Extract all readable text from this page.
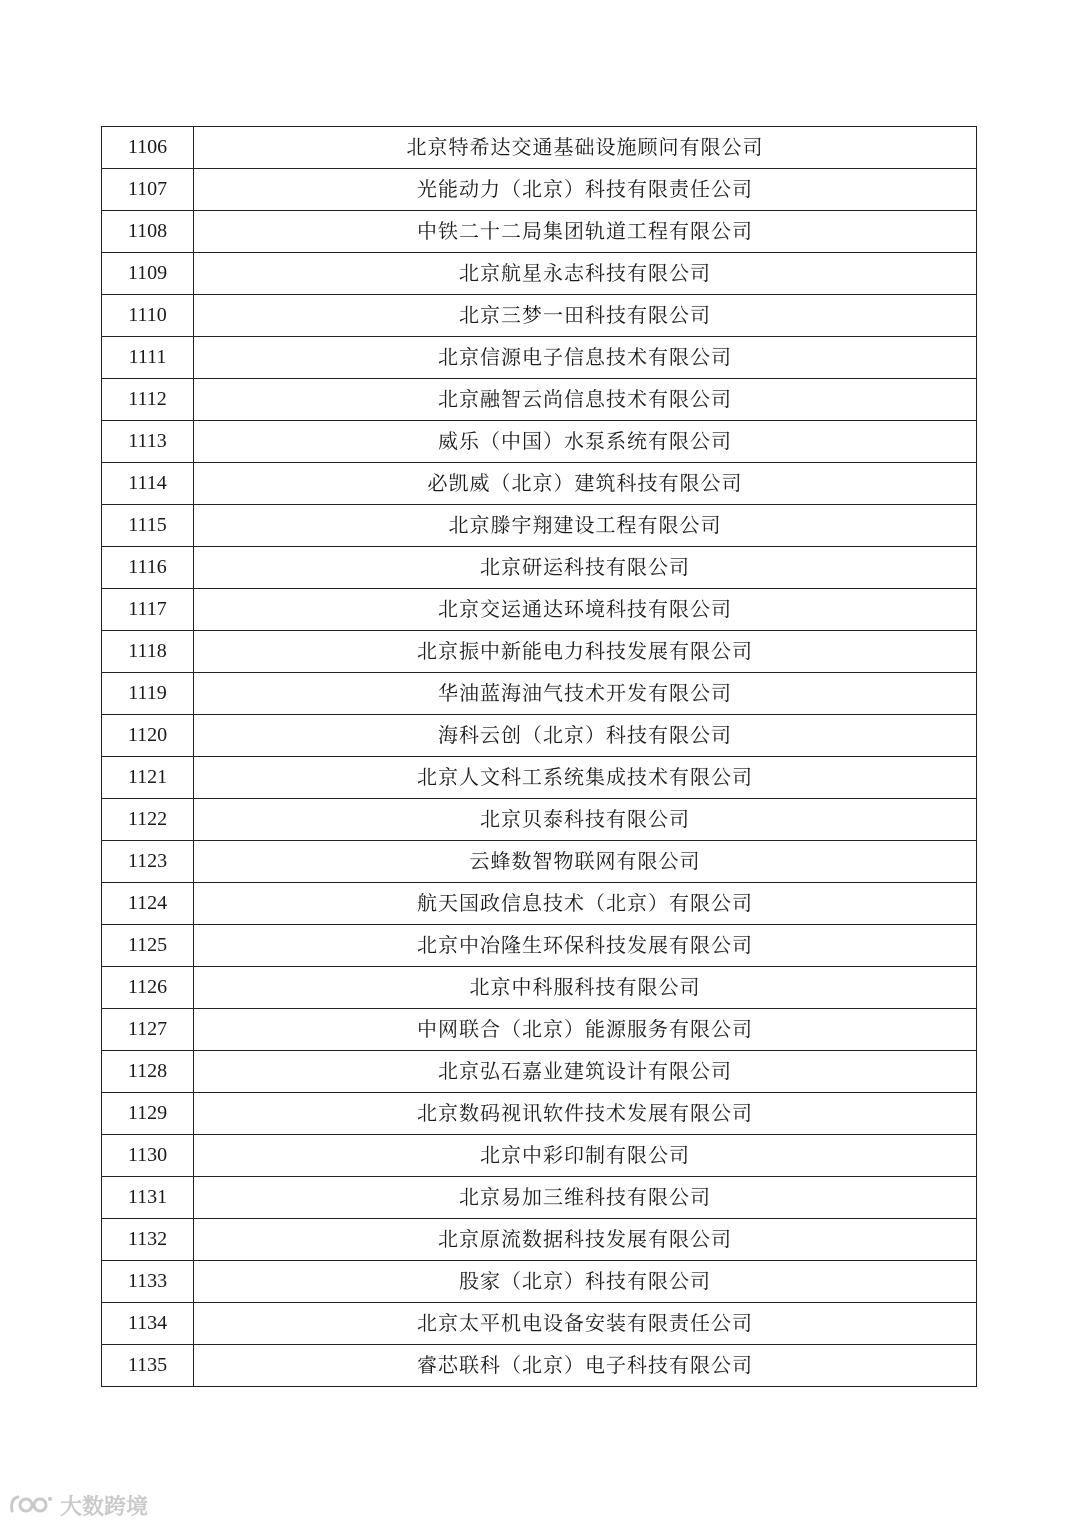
1106	北京特希达交通基础设施顾问有限公司
1107	光能动力（北京）科技有限责任公司
1108	中铁二十二局集团轨道工程有限公司
1109	北京航星永志科技有限公司
1110	北京三梦一田科技有限公司
1111	北京信源电子信息技术有限公司
1112	北京融智云尚信息技术有限公司
1113	威乐（中国）水泵系统有限公司
1114	必凯威（北京）建筑科技有限公司
1115	北京滕宇翔建设工程有限公司
1116	北京研运科技有限公司
1117	北京交运通达环境科技有限公司
1118	北京振中新能电力科技发展有限公司
1119	华油蓝海油气技术开发有限公司
1120	海科云创（北京）科技有限公司
1121	北京人文科工系统集成技术有限公司
1122	北京贝泰科技有限公司
1123	云蜂数智物联网有限公司
1124	航天国政信息技术（北京）有限公司
1125	北京中冶隆生环保科技发展有限公司
1126	北京中科服科技有限公司
1127	中网联合（北京）能源服务有限公司
1128	北京弘石嘉业建筑设计有限公司
1129	北京数码视讯软件技术发展有限公司
1130	北京中彩印制有限公司
1131	北京易加三维科技有限公司
1132	北京原流数据科技发展有限公司
1133	股家（北京）科技有限公司
1134	北京太平机电设备安装有限责任公司
1135	睿芯联科（北京）电子科技有限公司
大数跨境
